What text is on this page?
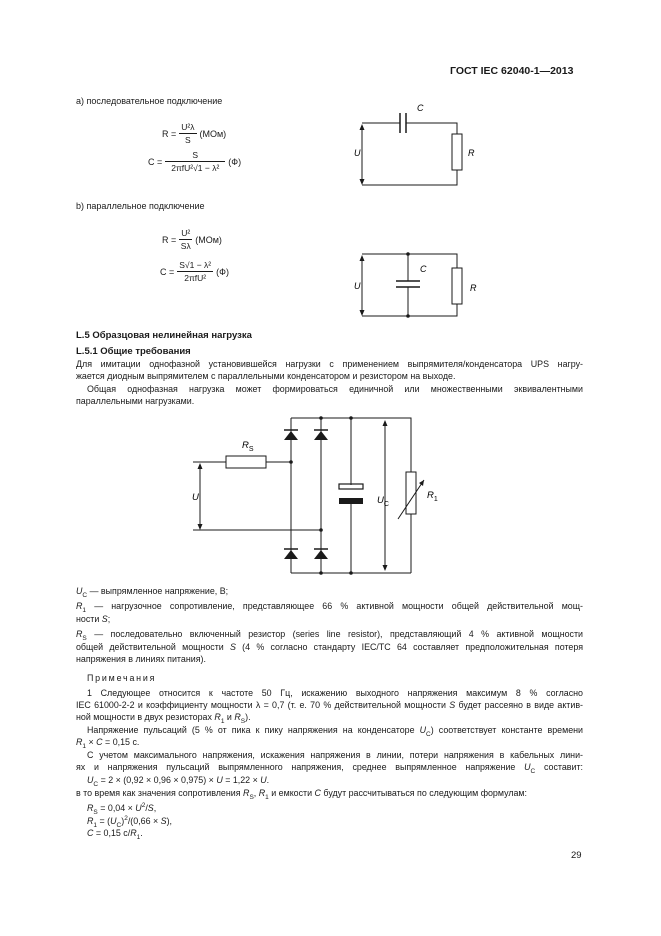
ГОСТ IEC 62040-1—2013
а) последовательное подключение
$R = \frac{\text{U²λ}}{S} (МОм)$
$C = \frac{S}{\text{2πfU²√1 − λ²}} (Ф)$
C
U	R
b) параллельное подключение
$R = \frac{\text{U²}}{S\lambda} (МОм)$
$C = \frac{\text{S√1 − λ²}}{\text{2πfU²}} (Ф)$	C
U	R
L.5 Образцовая нелинейная нагрузка
L.5.1 Общие требования
Для имитации однофазной установившейся нагрузки с применением выпрямителя/конденсатора UPS нагру-
жается диодным выпрямителем с параллельными конденсатором и резистором на выходе.
Общая однофазная нагрузка может формироваться единичной или множественными эквивалентными
параллельными нагрузками.
$R_S$
U	$U_C$
$R_1$
$U_C$ — выпрямленное напряжение, В;
$R_1$ — нагрузочное сопротивление, представляющее 66 % активной мощности общей действительной мощ-
ности S;
$R_S$ — последовательно включенный резистор (series line resistor), представляющий 4 % активной мощности
общей действительной мощности S (4 % согласно стандарту IEC/TC 64 составляет предположительная потеря
напряжения в линиях питания).
Примечания
1 Следующее относится к частоте 50 Гц, искажению выходного напряжения максимум 8 % согласно
IEC 61000-2-2 и коэффициенту мощности λ = 0,7 (т. е. 70 % действительной мощности S будет рассеяно в виде актив-
ной мощности в двух резисторах $R_1$ и $R_S$).
Напряжение пульсаций (5 % от пика к пику напряжения на конденсаторе $U_C$) соответствует константе времени
$R_1 \times C = 0,15$ с.
С учетом максимального напряжения, искажения напряжения в линии, потери напряжения в кабельных лини-
ях и напряжения пульсаций выпрямленного напряжения, среднее выпрямленное напряжение $U_C$ составит:
$U_C = 2 \times (0,92 \times 0,96 \times 0,975) \times U = 1,22 \times U$.
в то время как значения сопротивления $R_S$, $R_1$ и емкости C будут рассчитываться по следующим формулам:
$R_S = 0,04 \times U^2/S$,
$R_1 = (U_C)^2/(0,66 \times S)$,
C = 0,15 $c/R_1$.
29
